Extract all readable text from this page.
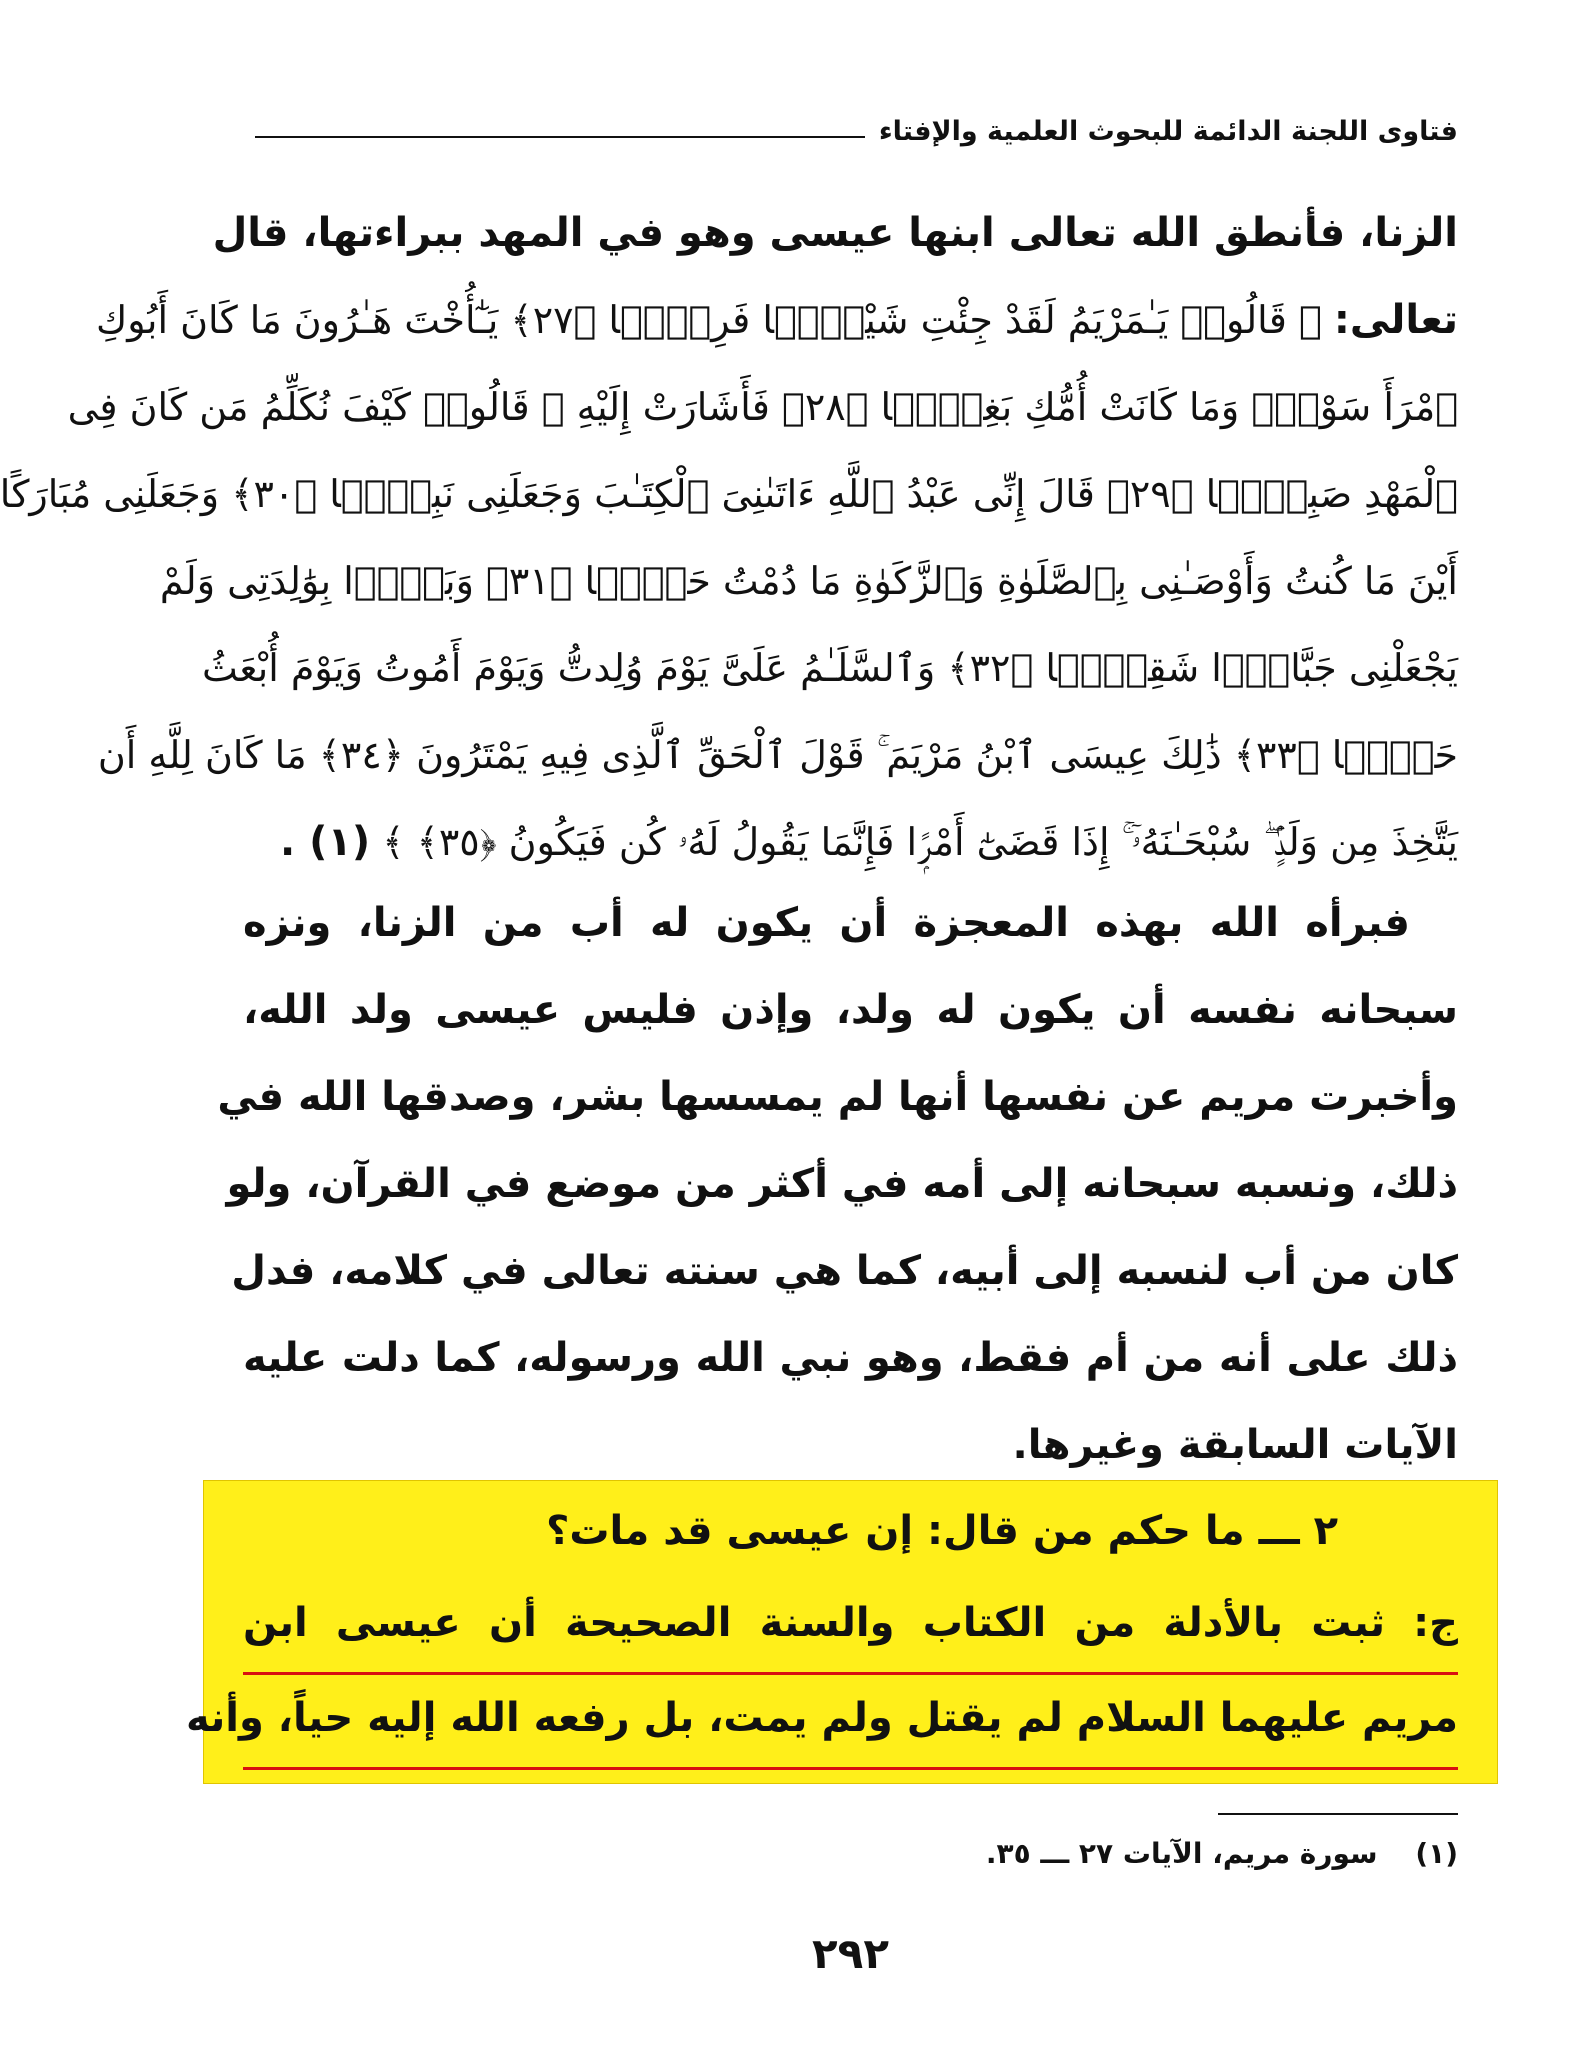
فتاوى اللجنة الدائمة للبحوث العلمية والإفتاء
الزنا، فأنطق الله تعالى ابنها عيسى وهو في المهد ببراءتها، قال
تعالى: ﴿ قَالُوا۟ يَـٰمَرْيَمُ لَقَدْ جِئْتِ شَيْـًۭٔا فَرِيًّۭا ﴿٢٧﴾ يَـٰٓأُخْتَ هَـٰرُونَ مَا كَانَ أَبُوكِ
ٱمْرَأَ سَوْءٍۢ وَمَا كَانَتْ أُمُّكِ بَغِيًّۭا ﴿٢٨﴾ فَأَشَارَتْ إِلَيْهِ ۖ قَالُوا۟ كَيْفَ نُكَلِّمُ مَن كَانَ فِى
ٱلْمَهْدِ صَبِيًّۭا ﴿٢٩﴾ قَالَ إِنِّى عَبْدُ ٱللَّهِ ءَاتَىٰنِىَ ٱلْكِتَـٰبَ وَجَعَلَنِى نَبِيًّۭا ﴿٣٠﴾ وَجَعَلَنِى مُبَارَكًا
أَيْنَ مَا كُنتُ وَأَوْصَـٰنِى بِٱلصَّلَوٰةِ وَٱلزَّكَوٰةِ مَا دُمْتُ حَيًّۭا ﴿٣١﴾ وَبَرًّۢا بِوَٰلِدَتِى وَلَمْ
يَجْعَلْنِى جَبَّارًۭا شَقِيًّۭا ﴿٣٢﴾ وَٱلسَّلَـٰمُ عَلَىَّ يَوْمَ وُلِدتُّ وَيَوْمَ أَمُوتُ وَيَوْمَ أُبْعَثُ
حَيًّۭا ﴿٣٣﴾ ذَٰلِكَ عِيسَى ٱبْنُ مَرْيَمَ ۚ قَوْلَ ٱلْحَقِّ ٱلَّذِى فِيهِ يَمْتَرُونَ ﴿٣٤﴾ مَا كَانَ لِلَّهِ أَن
يَتَّخِذَ مِن وَلَدٍۢ ۖ سُبْحَـٰنَهُۥٓ ۚ إِذَا قَضَىٰٓ أَمْرًۭا فَإِنَّمَا يَقُولُ لَهُۥ كُن فَيَكُونُ ﴿٣٥﴾ ﴾ (١) .
فبرأه الله بهذه المعجزة أن يكون له أب من الزنا، ونزه
سبحانه نفسه أن يكون له ولد، وإذن فليس عيسى ولد الله،
وأخبرت مريم عن نفسها أنها لم يمسسها بشر، وصدقها الله في
ذلك، ونسبه سبحانه إلى أمه في أكثر من موضع في القرآن، ولو
كان من أب لنسبه إلى أبيه، كما هي سنته تعالى في كلامه، فدل
ذلك على أنه من أم فقط، وهو نبي الله ورسوله، كما دلت عليه
الآيات السابقة وغيرها.
٢ ـــ ما حكم من قال: إن عيسى قد مات؟
ج: ثبت بالأدلة من الكتاب والسنة الصحيحة أن عيسى ابن
مريم عليهما السلام لم يقتل ولم يمت، بل رفعه الله إليه حياً، وأنه
(١) سورة مريم، الآيات ٢٧ ـــ ٣٥.
٢٩٢
